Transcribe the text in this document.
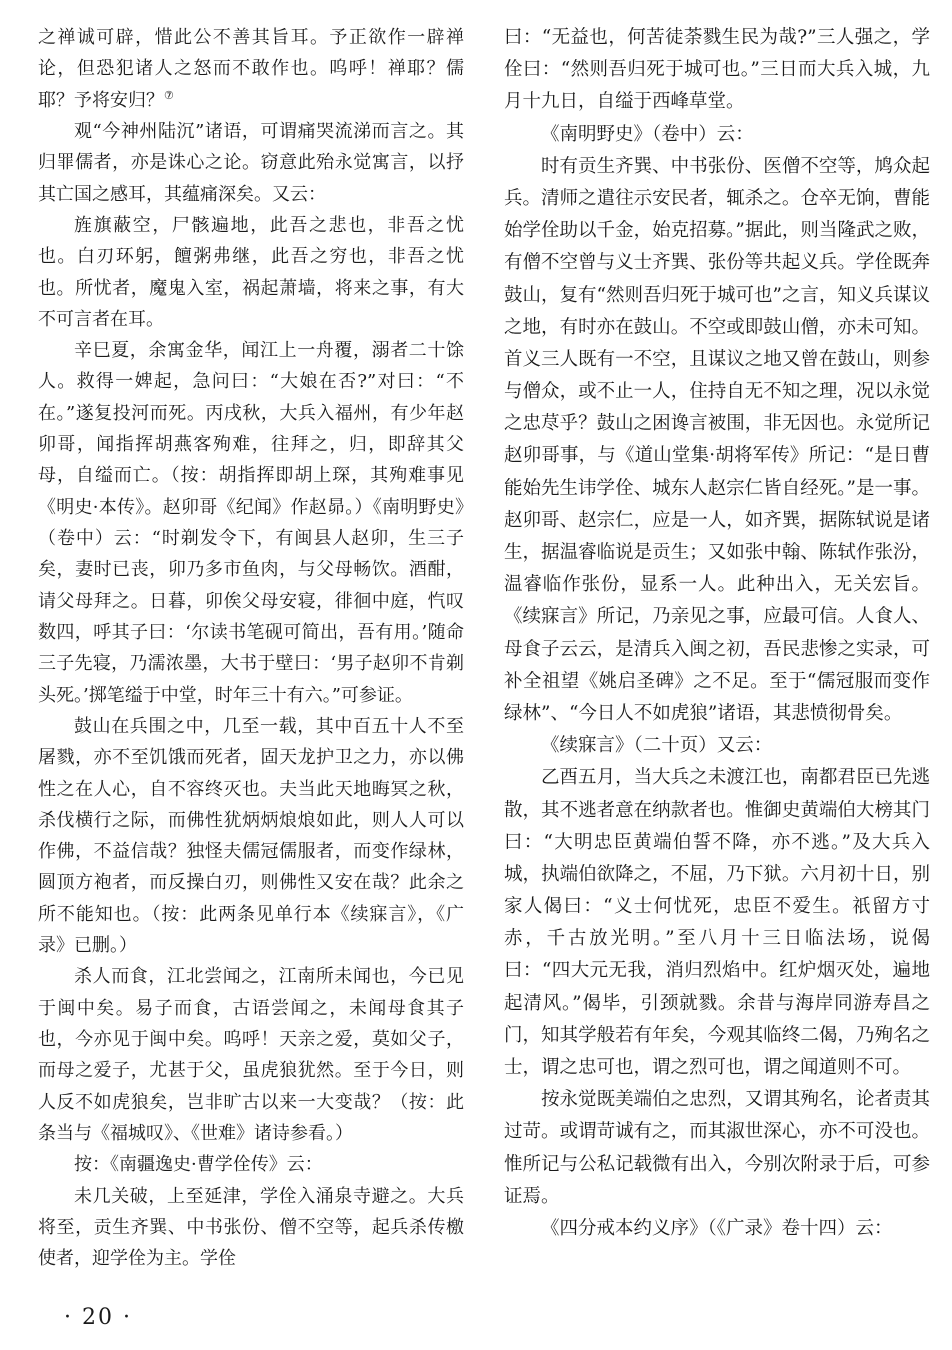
之禅诚可辟，惜此公不善其旨耳。予正欲作一辟禅论，但恐犯诸人之怒而不敢作也。呜呼！禅耶？儒耶？予将安归？⑦

观“今神州陆沉”诸语，可谓痛哭流涕而言之。其归罪儒者，亦是诛心之论。窃意此殆永觉寓言，以抒其亡国之感耳，其蕴痛深矣。又云：

旌旗蔽空，尸骸遍地，此吾之悲也，非吾之忧也。白刃环躬，饘粥弗继，此吾之穷也，非吾之忧也。所忧者，魔鬼入室，祸起萧墙，将来之事，有大不可言者在耳。

辛巳夏，余寓金华，闻江上一舟覆，溺者二十馀人。救得一婢起，急问曰：“大娘在否?”对曰：“不在。”遂复投河而死。丙戌秋，大兵入福州，有少年赵卯哥，闻指挥胡燕客殉难，往拜之，归，即辞其父母，自缢而亡。（按：胡指挥即胡上琛，其殉难事见《明史·本传》。赵卯哥《纪闻》作赵昴。）《南明野史》（卷中）云：“时剃发令下，有闽县人赵卯，生三子矣，妻时已丧，卯乃多市鱼肉，与父母畅饮。酒酣，请父母拜之。日暮，卯俟父母安寝，徘徊中庭，忾叹数四，呼其子曰：‘尔读书笔砚可简出，吾有用。’随命三子先寝，乃濡浓墨，大书于壁曰：‘男子赵卯不肯剃头死。’掷笔缢于中堂，时年三十有六。”可参证。

鼓山在兵围之中，几至一载，其中百五十人不至屠戮，亦不至饥饿而死者，固天龙护卫之力，亦以佛性之在人心，自不容终灭也。夫当此天地晦冥之秋，杀伐横行之际，而佛性犹炳炳烺烺如此，则人人可以作佛，不益信哉？独怪夫儒冠儒服者，而变作绿林，圆顶方袍者，而反操白刃，则佛性又安在哉？此余之所不能知也。（按：此两条见单行本《续寐言》，《广录》已删。）

杀人而食，江北尝闻之，江南所未闻也，今已见于闽中矣。易子而食，古语尝闻之，未闻母食其子也，今亦见于闽中矣。呜呼！天亲之爱，莫如父子，而母之爱子，尤甚于父，虽虎狼犹然。至于今日，则人反不如虎狼矣，岂非旷古以来一大变哉？（按：此条当与《福城叹》、《世难》诸诗参看。）

按：《南疆逸史·曹学佺传》云：

未几关破，上至延津，学佺入涌泉寺避之。大兵将至，贡生齐巽、中书张份、僧不空等，起兵杀传檄使者，迎学佺为主。学佺

曰：“无益也，何苦徒荼戮生民为哉?”三人强之，学佺曰：“然则吾归死于城可也。”三日而大兵入城，九月十九日，自缢于西峰草堂。

《南明野史》（卷中）云：

时有贡生齐巽、中书张份、医僧不空等，鸠众起兵。清师之遣往示安民者，辄杀之。仓卒无饷，曹能始学佺助以千金，始克招募。”据此，则当隆武之败，有僧不空曾与义士齐巽、张份等共起义兵。学佺既奔鼓山，复有“然则吾归死于城可也”之言，知义兵谋议之地，有时亦在鼓山。不空或即鼓山僧，亦未可知。首义三人既有一不空，且谋议之地又曾在鼓山，则参与僧众，或不止一人，住持自无不知之理，况以永觉之忠荩乎？鼓山之困谗言被围，非无因也。永觉所记赵卯哥事，与《道山堂集·胡将军传》所记：“是日曹能始先生讳学佺、城东人赵宗仁皆自经死。”是一事。赵卯哥、赵宗仁，应是一人，如齐巽，据陈轼说是诸生，据温睿临说是贡生；又如张中翰、陈轼作张汾，温睿临作张份，显系一人。此种出入，无关宏旨。《续寐言》所记，乃亲见之事，应最可信。人食人、母食子云云，是清兵入闽之初，吾民悲惨之实录，可补全祖望《姚启圣碑》之不足。至于“儒冠服而变作绿林”、“今日人不如虎狼”诸语，其悲愤彻骨矣。

《续寐言》（二十页）又云：

乙酉五月，当大兵之未渡江也，南都君臣已先逃散，其不逃者意在纳款者也。惟御史黄端伯大榜其门曰：“大明忠臣黄端伯誓不降，亦不逃。”及大兵入城，执端伯欲降之，不屈，乃下狱。六月初十日，别家人偈曰：“义士何忧死，忠臣不爱生。祇留方寸赤，千古放光明。”至八月十三日临法场，说偈曰：“四大元无我，消归烈焰中。红炉烟灭处，遍地起清风。”偈毕，引颈就戮。余昔与海岸同游寿昌之门，知其学般若有年矣，今观其临终二偈，乃殉名之士，谓之忠可也，谓之烈可也，谓之闻道则不可。

按永觉既美端伯之忠烈，又谓其殉名，论者责其过苛。或谓苛诚有之，而其淑世深心，亦不可没也。惟所记与公私记载微有出入，今别次附录于后，可参证焉。

《四分戒本约义序》（《广录》卷十四）云：

· 20 ·
